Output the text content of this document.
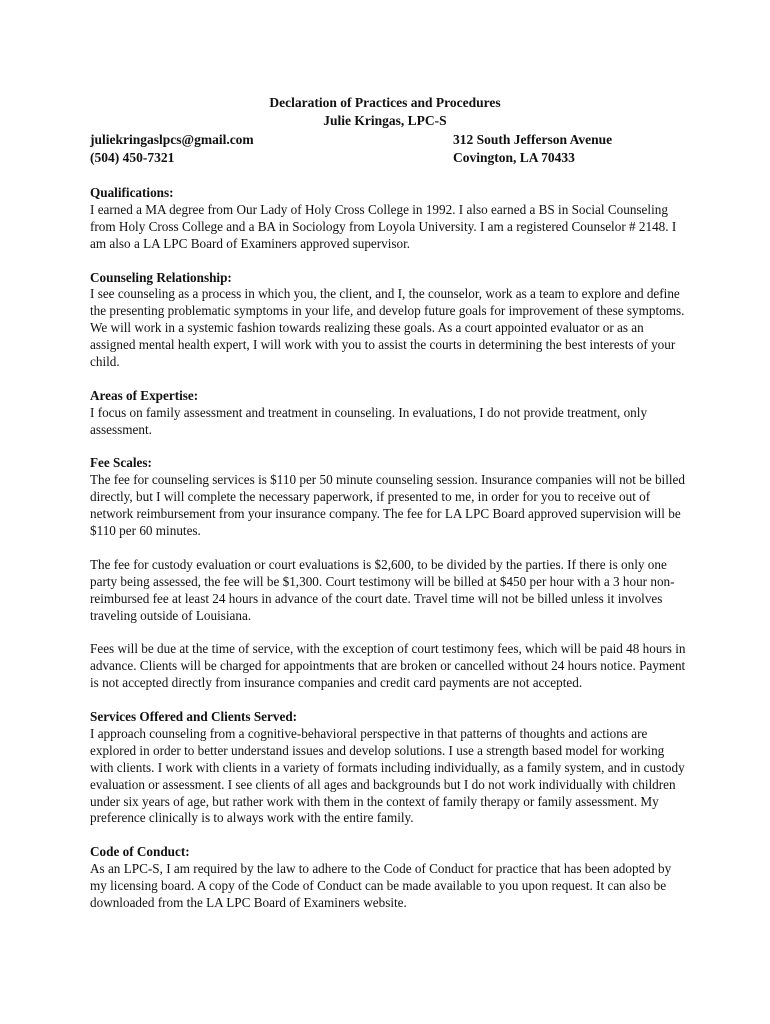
Declaration of Practices and Procedures
Julie Kringas, LPC-S
juliekringaslpcs@gmail.com
(504) 450-7321
312 South Jefferson Avenue
Covington, LA 70433

Qualifications:

I earned a MA degree from Our Lady of Holy Cross College in 1992. I also earned a BS in Social Counseling from Holy Cross College and a BA in Sociology from Loyola University. I am a registered Counselor # 2148. I am also a LA LPC Board of Examiners approved supervisor.

Counseling Relationship:

I see counseling as a process in which you, the client, and I, the counselor, work as a team to explore and define the presenting problematic symptoms in your life, and develop future goals for improvement of these symptoms. We will work in a systemic fashion towards realizing these goals. As a court appointed evaluator or as an assigned mental health expert, I will work with you to assist the courts in determining the best interests of your child.

Areas of Expertise:

I focus on family assessment and treatment in counseling. In evaluations, I do not provide treatment, only assessment.

Fee Scales:

The fee for counseling services is $110 per 50 minute counseling session. Insurance companies will not be billed directly, but I will complete the necessary paperwork, if presented to me, in order for you to receive out of network reimbursement from your insurance company. The fee for LA LPC Board approved supervision will be $110 per 60 minutes.

The fee for custody evaluation or court evaluations is $2,600, to be divided by the parties. If there is only one party being assessed, the fee will be $1,300. Court testimony will be billed at $450 per hour with a 3 hour non-reimbursed fee at least 24 hours in advance of the court date. Travel time will not be billed unless it involves traveling outside of Louisiana.

Fees will be due at the time of service, with the exception of court testimony fees, which will be paid 48 hours in advance. Clients will be charged for appointments that are broken or cancelled without 24 hours notice. Payment is not accepted directly from insurance companies and credit card payments are not accepted.

Services Offered and Clients Served:

I approach counseling from a cognitive-behavioral perspective in that patterns of thoughts and actions are explored in order to better understand issues and develop solutions. I use a strength based model for working with clients. I work with clients in a variety of formats including individually, as a family system, and in custody evaluation or assessment. I see clients of all ages and backgrounds but I do not work individually with children under six years of age, but rather work with them in the context of family therapy or family assessment. My preference clinically is to always work with the entire family.

Code of Conduct:

As an LPC-S, I am required by the law to adhere to the Code of Conduct for practice that has been adopted by my licensing board. A copy of the Code of Conduct can be made available to you upon request. It can also be downloaded from the LA LPC Board of Examiners website.
